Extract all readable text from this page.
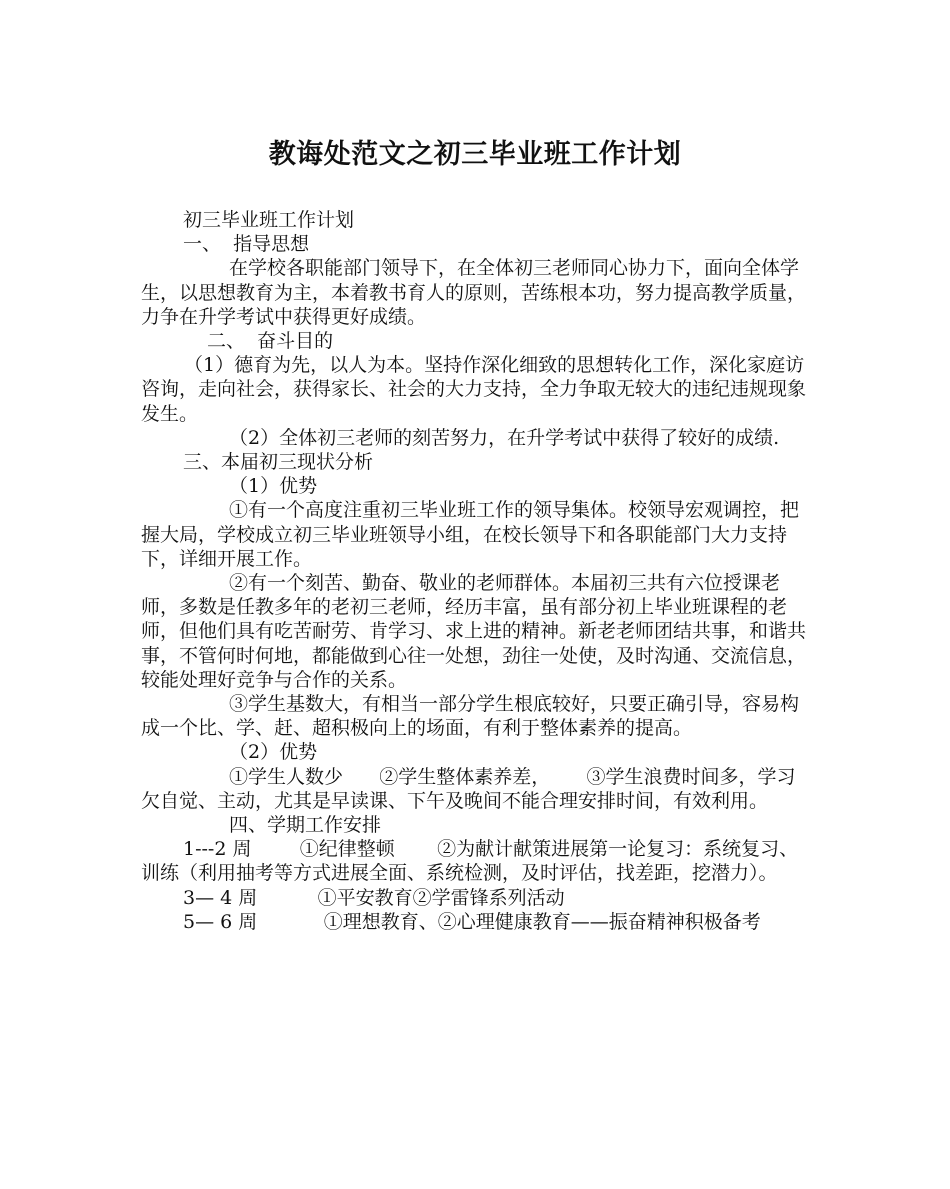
教诲处范文之初三毕业班工作计划

初三毕业班工作计划

一、  指导思想

在学校各职能部门领导下，在全体初三老师同心协力下，面向全体学生，以思想教育为主，本着教书育人的原则，苦练根本功，努力提高教学质量，力争在升学考试中获得更好成绩。

二、  奋斗目的

（1）德育为先，以人为本。坚持作深化细致的思想转化工作，深化家庭访咨询，走向社会，获得家长、社会的大力支持，全力争取无较大的违纪违规现象发生。

（2）全体初三老师的刻苦努力，在升学考试中获得了较好的成绩.

三、本届初三现状分析

（1）优势

①有一个高度注重初三毕业班工作的领导集体。校领导宏观调控，把握大局，学校成立初三毕业班领导小组，在校长领导下和各职能部门大力支持下，详细开展工作。

②有一个刻苦、勤奋、敬业的老师群体。本届初三共有六位授课老师，多数是任教多年的老初三老师，经历丰富，虽有部分初上毕业班课程的老师，但他们具有吃苦耐劳、肯学习、求上进的精神。新老老师团结共事，和谐共事，不管何时何地，都能做到心往一处想，劲往一处使，及时沟通、交流信息，较能处理好竞争与合作的关系。

③学生基数大，有相当一部分学生根底较好，只要正确引导，容易构成一个比、学、赶、超积极向上的场面，有利于整体素养的提高。

（2）优势

①学生人数少      ②学生整体素养差，      ③学生浪费时间多，学习欠自觉、主动，尤其是早读课、下午及晚间不能合理安排时间，有效利用。

四、学期工作安排

1---2 周        ①纪律整顿       ②为献计献策进展第一论复习：系统复习、训练（利用抽考等方式进展全面、系统检测，及时评估，找差距，挖潜力）。

3— 4 周          ①平安教育②学雷锋系列活动

5— 6 周           ①理想教育、②心理健康教育——振奋精神积极备考
